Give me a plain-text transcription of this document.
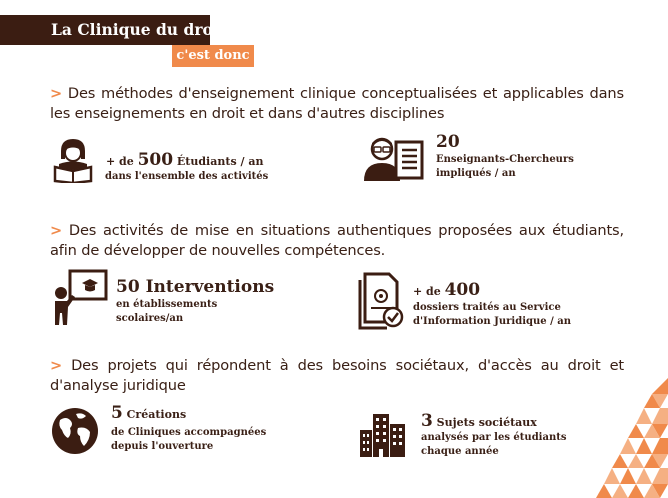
La Clinique du droit,
c'est donc
> Des méthodes d'enseignement clinique conceptualisées et applicables dans les enseignements en droit et dans d'autres disciplines
+ de 500 Étudiants / an
dans l'ensemble des activités
20
Enseignants-Chercheurs
impliqués / an
> Des activités de mise en situations authentiques proposées aux étudiants, afin de développer de nouvelles compétences.
50 Interventions
en établissements
scolaires/an
+ de 400
dossiers traités au Service
d'Information Juridique / an
> Des projets qui répondent à des besoins sociétaux, d'accès au droit et d'analyse juridique
5 Créations
de Cliniques accompagnées
depuis l'ouverture
3 Sujets sociétaux
analysés par les étudiants
chaque année
